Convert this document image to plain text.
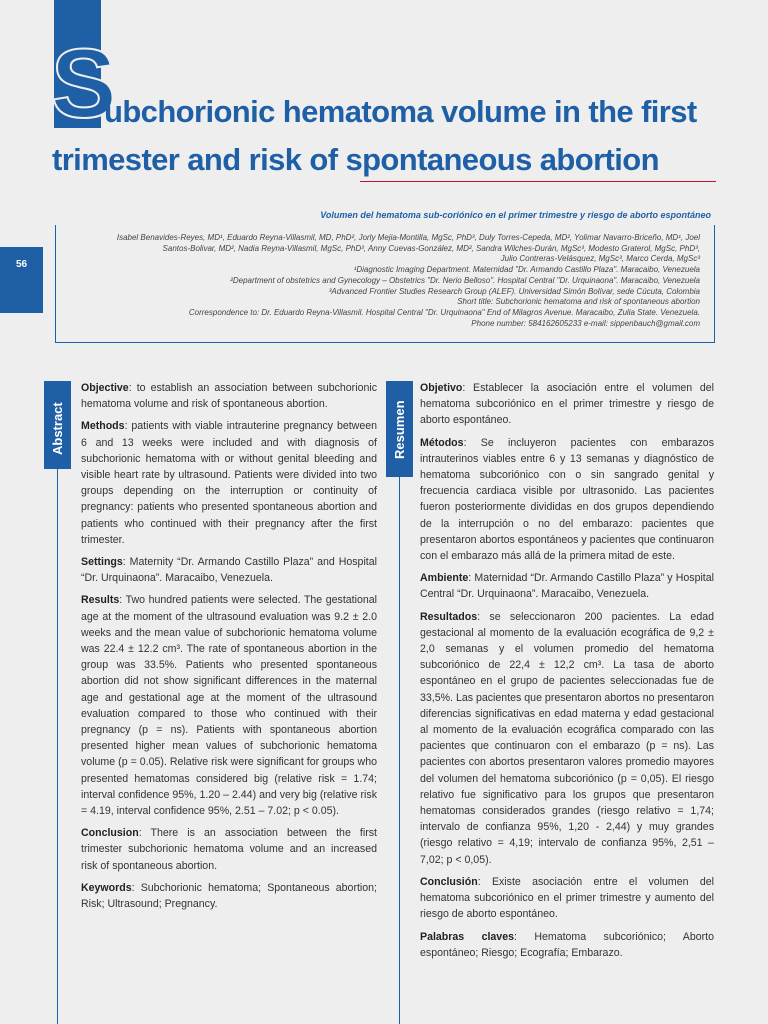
S
ubchorionic hematoma volume in the first
trimester and risk of spontaneous abortion
Volumen del hematoma sub-coriónico en el primer trimestre y riesgo de aborto espontáneo
Isabel Benavides-Reyes, MD¹, Eduardo Reyna-Villasmil, MD, PhD², Jorly Mejia-Montilla, MgSc, PhD³, Duly Torres-Cepeda, MD², Yolimar Navarro-Briceño, MD¹, Joel
Santos-Bolivar, MD², Nadia Reyna-Villasmil, MgSc, PhD³, Anny Cuevas-González, MD², Sandra Wilches-Durán, MgSc³, Modesto Graterol, MgSc, PhD³,
Julio Contreras-Velásquez, MgSc³, Marco Cerda, MgSc³
¹Diagnostic Imaging Department. Maternidad "Dr. Armando Castillo Plaza". Maracaibo, Venezuela
²Department of obstetrics and Gynecology – Obstetrics "Dr. Nerio Belloso". Hospital Central "Dr. Urquinaona". Maracaibo, Venezuela
³Advanced Frontier Studies Research Group (ALEF). Universidad Simón Bolívar, sede Cúcuta, Colombia
Short title: Subchorionic hematoma and risk of spontaneous abortion
Correspondence to: Dr. Eduardo Reyna-Villasmil. Hospital Central "Dr. Urquinaona" End of Milagros Avenue. Maracaibo, Zulia State. Venezuela.
Phone number: 584162605233 e-mail: sippenbauch@gmail.com
56
Abstract	Resumen

Objective: to establish an association between subchorionic hematoma volume and risk of spontaneous abortion.

Methods: patients with viable intrauterine pregnancy between 6 and 13 weeks were included and with diagnosis of subchorionic hematoma with or without genital bleeding and visible heart rate by ultrasound. Patients were divided into two groups depending on the interruption or continuity of pregnancy: patients who presented spontaneous abortion and patients who continued with their pregnancy after the first trimester.

Settings: Maternity “Dr. Armando Castillo Plaza” and Hospital “Dr. Urquinaona”. Maracaibo, Venezuela.

Results: Two hundred patients were selected. The gestational age at the moment of the ultrasound evaluation was 9.2 ± 2.0 weeks and the mean value of subchorionic hematoma volume was 22.4 ± 12.2 cm³. The rate of spontaneous abortion in the group was 33.5%. Patients who presented spontaneous abortion did not show significant differences in the maternal age and gestational age at the moment of the ultrasound evaluation compared to those who continued with their pregnancy (p = ns). Patients with spontaneous abortion presented higher mean values of subchorionic hematoma volume (p = 0.05). Relative risk were significant for groups who presented hematomas considered big (relative risk = 1.74; interval confidence 95%, 1.20 – 2.44) and very big (relative risk = 4.19, interval confidence 95%, 2.51 – 7.02; p < 0.05).

Conclusion: There is an association between the first trimester subchorionic hematoma volume and an increased risk of spontaneous abortion.

Keywords: Subchorionic hematoma; Spontaneous abortion; Risk; Ultrasound; Pregnancy.

Objetivo: Establecer la asociación entre el volumen del hematoma subcoriónico en el primer trimestre y riesgo de aborto espontáneo.

Métodos: Se incluyeron pacientes con embarazos intrauterinos viables entre 6 y 13 semanas y diagnóstico de hematoma subcoriónico con o sin sangrado genital y frecuencia cardiaca visible por ultrasonido. Las pacientes fueron posteriormente divididas en dos grupos dependiendo de la interrupción o no del embarazo: pacientes que presentaron abortos espontáneos y pacientes que continuaron con el embarazo más allá de la primera mitad de este.

Ambiente: Maternidad “Dr. Armando Castillo Plaza” y Hospital Central “Dr. Urquinaona”. Maracaibo, Venezuela.

Resultados: se seleccionaron 200 pacientes. La edad gestacional al momento de la evaluación ecográfica de 9,2 ± 2,0 semanas y el volumen promedio del hematoma subcoriónico de 22,4 ± 12,2 cm³. La tasa de aborto espontáneo en el grupo de pacientes seleccionadas fue de 33,5%. Las pacientes que presentaron abortos no presentaron diferencias significativas en edad materna y edad gestacional al momento de la evaluación ecográfica comparado con las pacientes que continuaron con el embarazo (p = ns). Las pacientes con abortos presentaron valores promedio mayores del volumen del hematoma subcoriónico (p = 0,05). El riesgo relativo fue significativo para los grupos que presentaron hematomas considerados grandes (riesgo relativo = 1,74; intervalo de confianza 95%, 1,20 - 2,44) y muy grandes (riesgo relativo = 4,19; intervalo de confianza 95%, 2,51 – 7,02; p < 0,05).

Conclusión: Existe asociación entre el volumen del hematoma subcoriónico en el primer trimestre y aumento del riesgo de aborto espontáneo.

Palabras claves: Hematoma subcoriónico; Aborto espontáneo; Riesgo; Ecografía; Embarazo.
